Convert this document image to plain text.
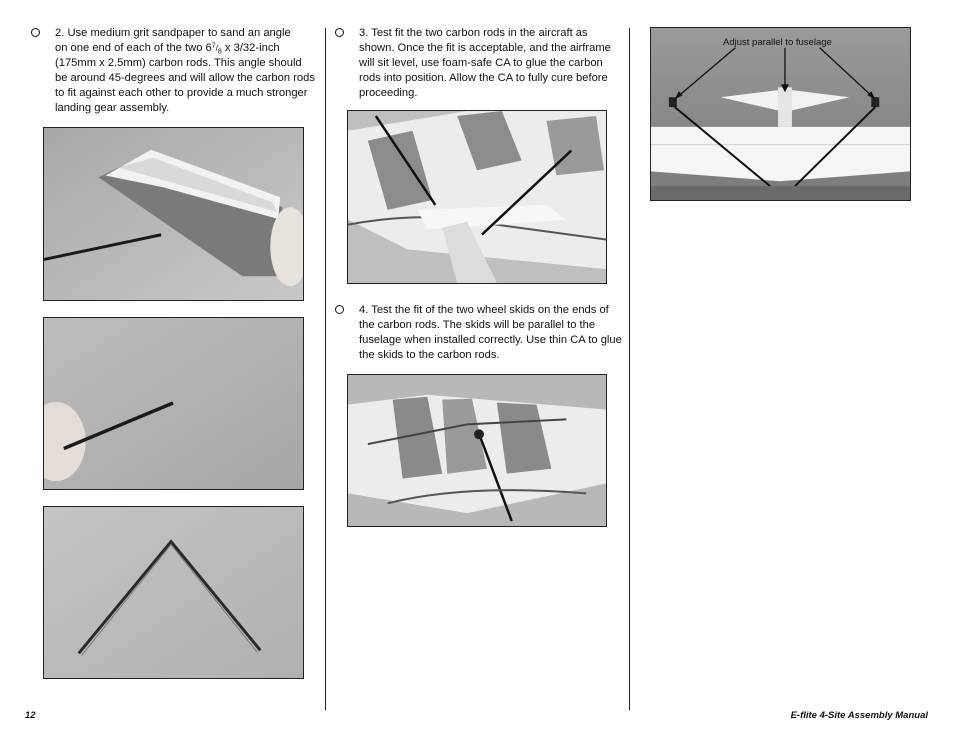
2. Use medium grit sandpaper to sand an angle
on one end of each of the two $6^7/_8$ x 3/32-inch
(175mm x 2.5mm) carbon rods. This angle should be around 45-degrees and will allow the carbon rods to fit against each other to provide a much stronger landing gear assembly.

3. Test fit the two carbon rods in the aircraft as shown. Once the fit is acceptable, and the airframe will sit level, use foam-safe CA to glue the carbon rods into position. Allow the CA to fully cure before proceeding.

4. Test the fit of the two wheel skids on the ends of the carbon rods. The skids will be parallel to the fuselage when installed correctly. Use thin CA to glue the skids to the carbon rods.

Adjust parallel to fuselage
12	E-flite 4-Site Assembly Manual
